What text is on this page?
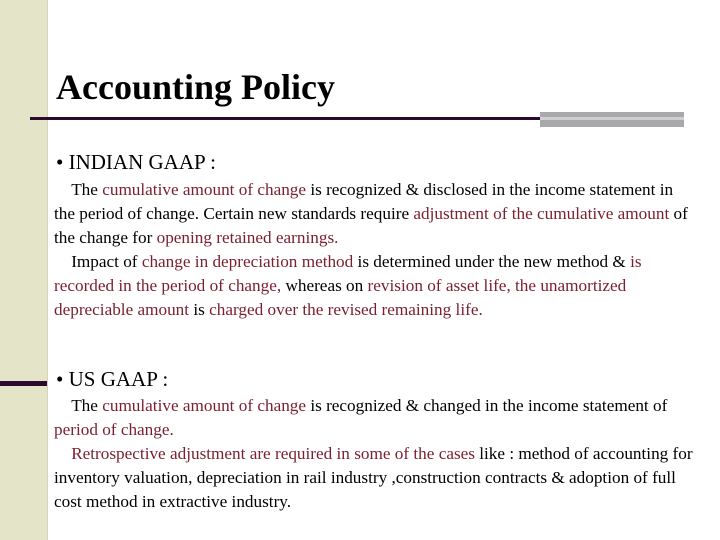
Accounting Policy

• INDIAN GAAP :

The cumulative amount of change is recognized & disclosed in the income statement in the period of change. Certain new standards require adjustment of the cumulative amount of the change for opening retained earnings.

Impact of change in depreciation method is determined under the new method & is recorded in the period of change, whereas on revision of asset life, the unamortized depreciable amount is charged over the revised remaining life.

• US GAAP :

The cumulative amount of change is recognized & changed in the income statement of period of change.

Retrospective adjustment are required in some of the cases like : method of accounting for inventory valuation, depreciation in rail industry ,construction contracts & adoption of full cost method in extractive industry.
